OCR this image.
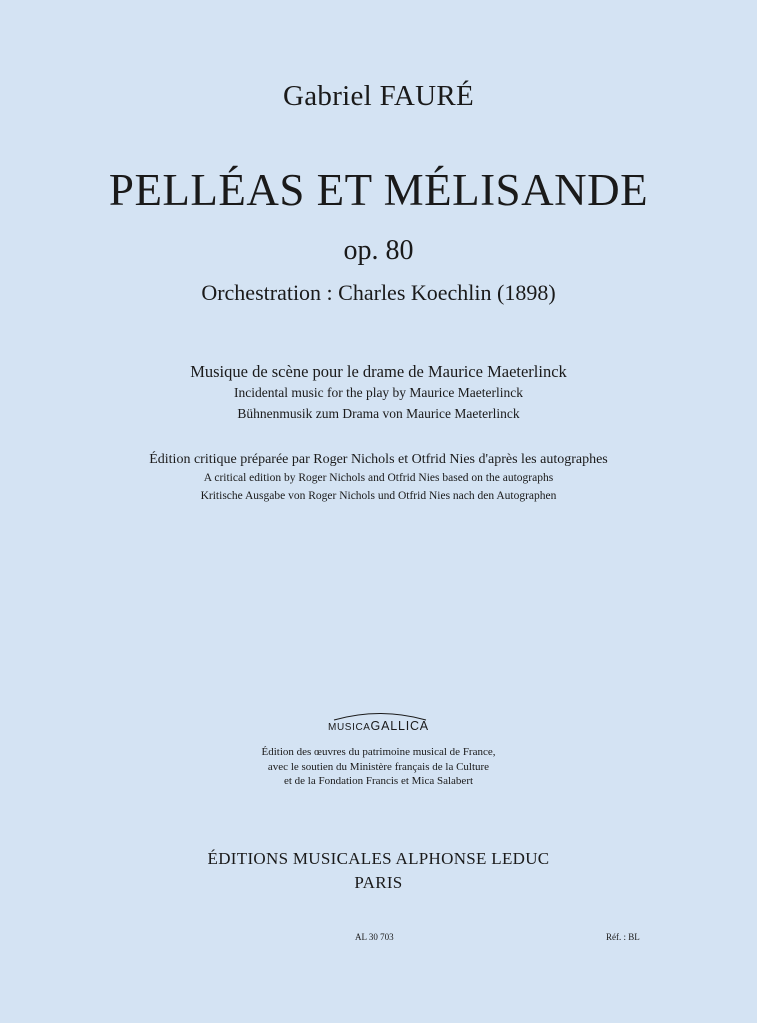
Gabriel FAURÉ
PELLÉAS ET MÉLISANDE
op. 80
Orchestration : Charles Koechlin (1898)
Musique de scène pour le drame de Maurice Maeterlinck
Incidental music for the play by Maurice Maeterlinck
Bühnenmusik zum Drama von Maurice Maeterlinck
Édition critique préparée par Roger Nichols et Otfrid Nies d'après les autographes
A critical edition by Roger Nichols and Otfrid Nies based on the autographs
Kritische Ausgabe von Roger Nichols und Otfrid Nies nach den Autographen
MUSICAGALLICA
Édition des œuvres du patrimoine musical de France,
avec le soutien du Ministère français de la Culture
et de la Fondation Francis et Mica Salabert
ÉDITIONS MUSICALES ALPHONSE LEDUC
PARIS
AL 30 703	Réf. : BL
